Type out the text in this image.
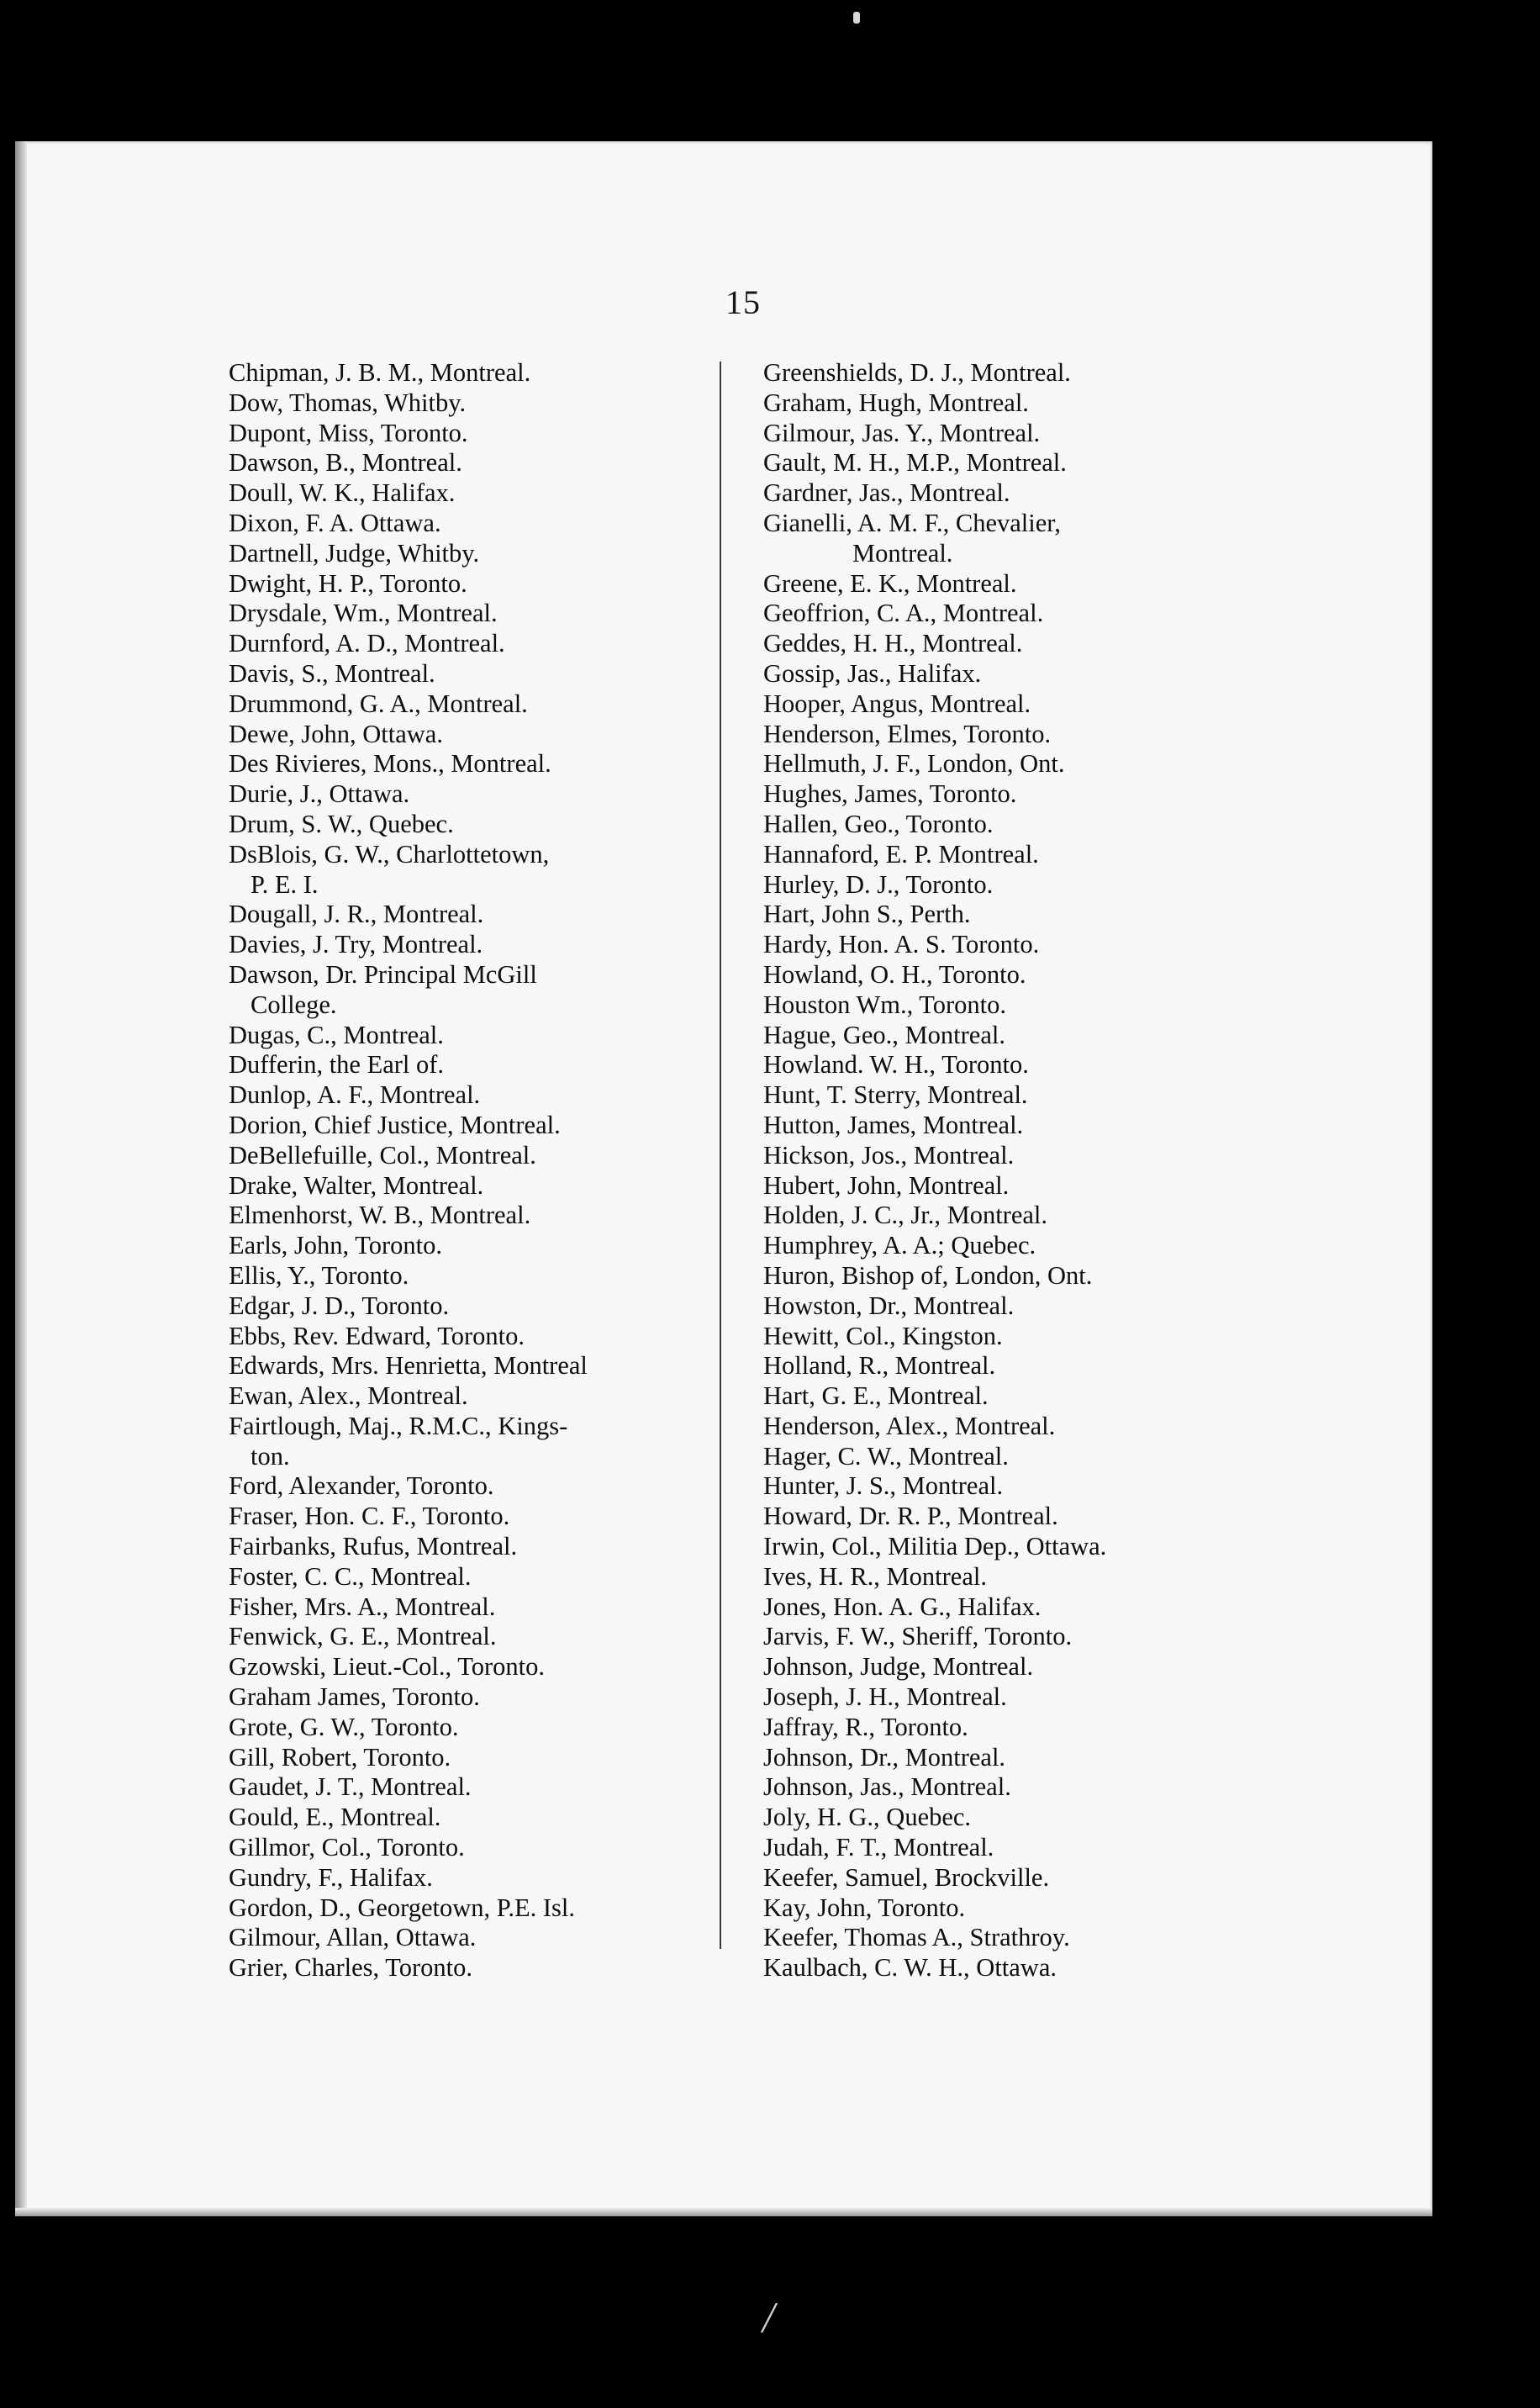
15

Chipman, J. B. M., Montreal.

Dow, Thomas, Whitby.

Dupont, Miss, Toronto.

Dawson, B., Montreal.

Doull, W. K., Halifax.

Dixon, F. A. Ottawa.

Dartnell, Judge, Whitby.

Dwight, H. P., Toronto.

Drysdale, Wm., Montreal.

Durnford, A. D., Montreal.

Davis, S., Montreal.

Drummond, G. A., Montreal.

Dewe, John, Ottawa.

Des Rivieres, Mons., Montreal.

Durie, J., Ottawa.

Drum, S. W., Quebec.

DsBlois, G. W., Charlottetown,

P. E. I.

Dougall, J. R., Montreal.

Davies, J. Try, Montreal.

Dawson, Dr. Principal McGill

College.

Dugas, C., Montreal.

Dufferin, the Earl of.

Dunlop, A. F., Montreal.

Dorion, Chief Justice, Montreal.

DeBellefuille, Col., Montreal.

Drake, Walter, Montreal.

Elmenhorst, W. B., Montreal.

Earls, John, Toronto.

Ellis, Y., Toronto.

Edgar, J. D., Toronto.

Ebbs, Rev. Edward, Toronto.

Edwards, Mrs. Henrietta, Montreal

Ewan, Alex., Montreal.

Fairtlough, Maj., R.M.C., Kings-

ton.

Ford, Alexander, Toronto.

Fraser, Hon. C. F., Toronto.

Fairbanks, Rufus, Montreal.

Foster, C. C., Montreal.

Fisher, Mrs. A., Montreal.

Fenwick, G. E., Montreal.

Gzowski, Lieut.-Col., Toronto.

Graham James, Toronto.

Grote, G. W., Toronto.

Gill, Robert, Toronto.

Gaudet, J. T., Montreal.

Gould, E., Montreal.

Gillmor, Col., Toronto.

Gundry, F., Halifax.

Gordon, D., Georgetown, P.E. Isl.

Gilmour, Allan, Ottawa.

Grier, Charles, Toronto.

Greenshields, D. J., Montreal.

Graham, Hugh, Montreal.

Gilmour, Jas. Y., Montreal.

Gault, M. H., M.P., Montreal.

Gardner, Jas., Montreal.

Gianelli, A. M. F., Chevalier,

Montreal.

Greene, E. K., Montreal.

Geoffrion, C. A., Montreal.

Geddes, H. H., Montreal.

Gossip, Jas., Halifax.

Hooper, Angus, Montreal.

Henderson, Elmes, Toronto.

Hellmuth, J. F., London, Ont.

Hughes, James, Toronto.

Hallen, Geo., Toronto.

Hannaford, E. P. Montreal.

Hurley, D. J., Toronto.

Hart, John S., Perth.

Hardy, Hon. A. S. Toronto.

Howland, O. H., Toronto.

Houston Wm., Toronto.

Hague, Geo., Montreal.

Howland. W. H., Toronto.

Hunt, T. Sterry, Montreal.

Hutton, James, Montreal.

Hickson, Jos., Montreal.

Hubert, John, Montreal.

Holden, J. C., Jr., Montreal.

Humphrey, A. A.; Quebec.

Huron, Bishop of, London, Ont.

Howston, Dr., Montreal.

Hewitt, Col., Kingston.

Holland, R., Montreal.

Hart, G. E., Montreal.

Henderson, Alex., Montreal.

Hager, C. W., Montreal.

Hunter, J. S., Montreal.

Howard, Dr. R. P., Montreal.

Irwin, Col., Militia Dep., Ottawa.

Ives, H. R., Montreal.

Jones, Hon. A. G., Halifax.

Jarvis, F. W., Sheriff, Toronto.

Johnson, Judge, Montreal.

Joseph, J. H., Montreal.

Jaffray, R., Toronto.

Johnson, Dr., Montreal.

Johnson, Jas., Montreal.

Joly, H. G., Quebec.

Judah, F. T., Montreal.

Keefer, Samuel, Brockville.

Kay, John, Toronto.

Keefer, Thomas A., Strathroy.

Kaulbach, C. W. H., Ottawa.

╱
